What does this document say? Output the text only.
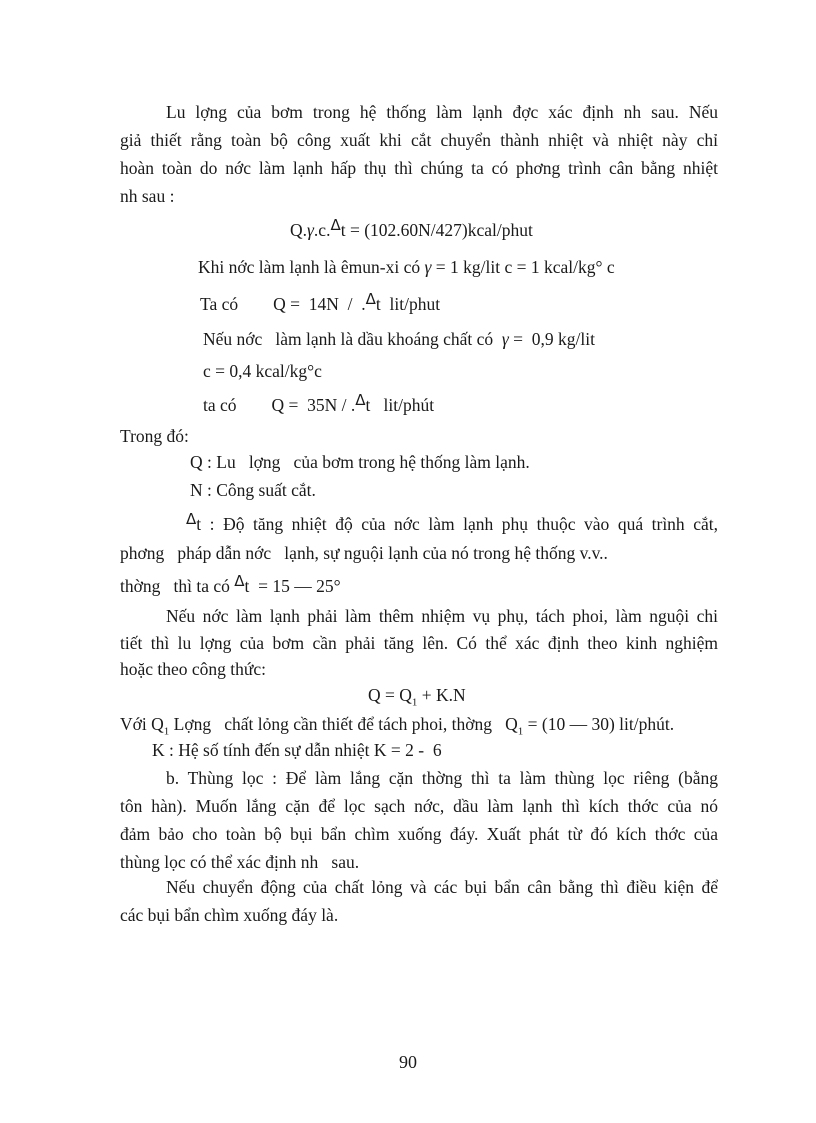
Lu lợng của bơm trong hệ thống làm lạnh đợc xác định nh sau. Nếu
giả thiết rằng toàn bộ công xuất khi cắt chuyển thành nhiệt và nhiệt này chỉ
hoàn toàn do nớc làm lạnh hấp thụ thì chúng ta có phơng trình cân bằng nhiệt
nh sau :
Q.γ.c.Δt = (102.60N/427)kcal/phut
Khi nớc làm lạnh là êmun-xi có γ = 1 kg/lit c = 1 kcal/kg° c
Ta có        Q =  14N  /  .Δt  lit/phut
Nếu nớc   làm lạnh là dầu khoáng chất có  γ =  0,9 kg/lit
c = 0,4 kcal/kg°c
ta có        Q =  35N / .Δt   lit/phút
Trong đó:
Q : Lu   lợng   của bơm trong hệ thống làm lạnh.
N : Công suất cắt.
Δt : Độ tăng nhiệt độ của nớc làm lạnh phụ thuộc vào quá trình cắt,
phơng   pháp dẫn nớc   lạnh, sự nguội lạnh của nó trong hệ thống v.v..
thờng   thì ta có Δt  = 15 — 25°
Nếu nớc làm lạnh phải làm thêm nhiệm vụ phụ, tách phoi, làm nguội chi
tiết thì lu lợng của bơm cần phải tăng lên. Có thể xác định theo kinh nghiệm
hoặc theo công thức:
$Q = Q_1 + K.N$
Với $Q_1$ Lợng   chất lỏng cần thiết để tách phoi, thờng   $Q_1 = (10$ — 30) lit/phút.
K : Hệ số tính đến sự dẫn nhiệt K = 2 -  6
b. Thùng lọc : Để làm lắng cặn thờng thì ta làm thùng lọc riêng (bằng
tôn hàn). Muốn lắng cặn để lọc sạch nớc, dầu làm lạnh thì kích thớc của nó
đảm bảo cho toàn bộ bụi bẩn chìm xuống đáy. Xuất phát từ đó kích thớc của
thùng lọc có thể xác định nh   sau.
Nếu chuyển động của chất lỏng và các bụi bẩn cân bằng thì điều kiện để
các bụi bẩn chìm xuống đáy là.
90
